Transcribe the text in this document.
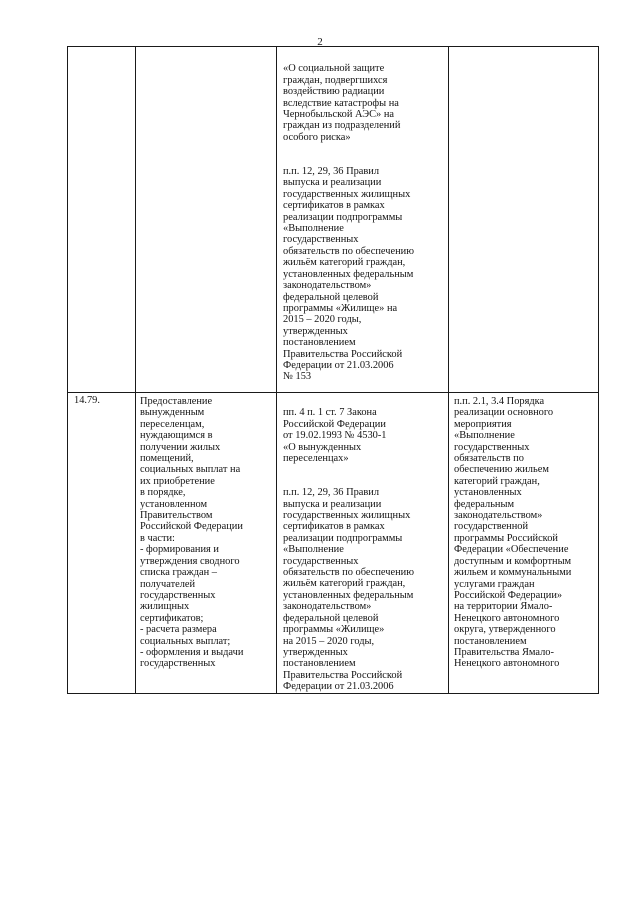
2

«О социальной защите
граждан, подвергшихся
воздействию радиации
вследствие катастрофы на
Чернобыльской АЭС» на
граждан из подразделений
особого риска»

п.п. 12, 29, 36 Правил
выпуска и реализации
государственных жилищных
сертификатов в рамках
реализации подпрограммы
«Выполнение
государственных
обязательств по обеспечению
жильём категорий граждан,
установленных федеральным
законодательством»
федеральной целевой
программы «Жилище» на
2015 – 2020 годы,
утвержденных
постановлением
Правительства Российской
Федерации от 21.03.2006
№ 153

14.79.	Предоставление
вынужденным
переселенцам,
нуждающимся в
получении жилых
помещений,
социальных выплат на
их приобретение
в порядке,
установленном
Правительством
Российской Федерации
в части:
- формирования и
утверждения сводного
списка граждан –
получателей
государственных
жилищных
сертификатов;
- расчета размера
социальных выплат;
- оформления и выдачи
государственных

пп. 4 п. 1 ст. 7 Закона
Российской Федерации
от 19.02.1993 № 4530-1
«О вынужденных
переселенцах»

п.п. 12, 29, 36 Правил
выпуска и реализации
государственных жилищных
сертификатов в рамках
реализации подпрограммы
«Выполнение
государственных
обязательств по обеспечению
жильём категорий граждан,
установленных федеральным
законодательством»
федеральной целевой
программы «Жилище»
на 2015 – 2020 годы,
утвержденных
постановлением
Правительства Российской
Федерации от 21.03.2006

п.п. 2.1, 3.4 Порядка
реализации основного
мероприятия
«Выполнение
государственных
обязательств по
обеспечению жильем
категорий граждан,
установленных
федеральным
законодательством»
государственной
программы Российской
Федерации «Обеспечение
доступным и комфортным
жильем и коммунальными
услугами граждан
Российской Федерации»
на территории Ямало-
Ненецкого автономного
округа, утвержденного
постановлением
Правительства Ямало-
Ненецкого автономного
